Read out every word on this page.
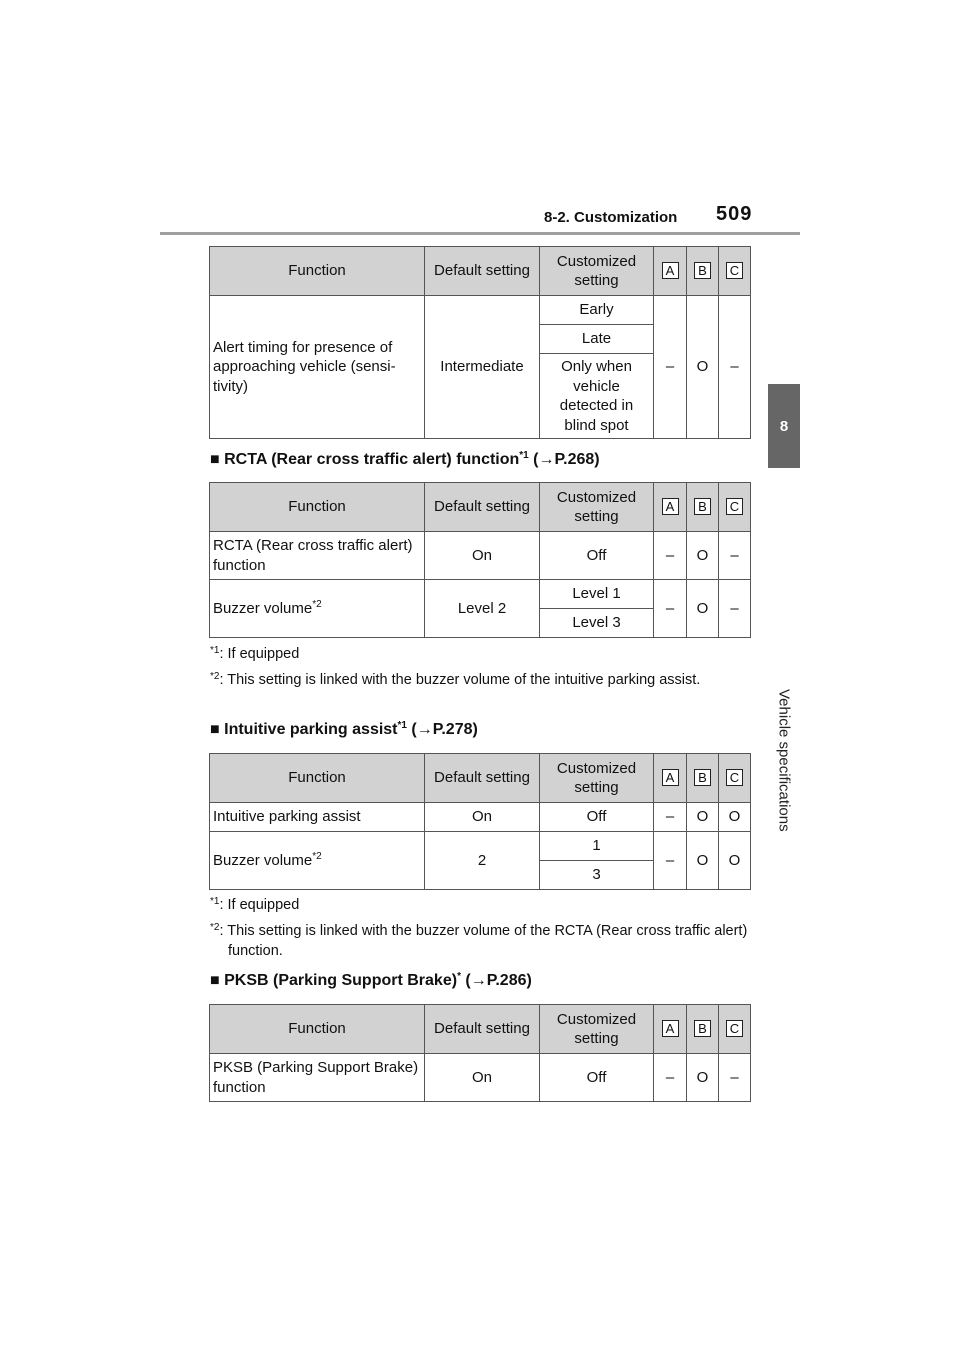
8-2. Customization 509
8
Vehicle specifications
Function	Default setting	Customized setting	A	B	C
Alert timing for presence of approaching vehicle (sensi-tivity)	Intermediate	Early	–	O	–
		Late			
		Only when vehicle detected in blind spot			
■ RCTA (Rear cross traffic alert) function$^{*1}$ (→P.268)
Function	Default setting	Customized setting	A	B	C
RCTA (Rear cross traffic alert) function	On	Off	–	O	–
Buzzer volume$^{*2}$	Level 2	Level 1	–	O	–
		Level 3			
$^{*1}$: If equipped
$^{*2}$: This setting is linked with the buzzer volume of the intuitive parking assist.
■ Intuitive parking assist$^{*1}$ (→P.278)
Function	Default setting	Customized setting	A	B	C
Intuitive parking assist	On	Off	–	O	O
Buzzer volume$^{*2}$	2	1	–	O	O
		3			
$^{*1}$: If equipped
$^{*2}$: This setting is linked with the buzzer volume of the RCTA (Rear cross traffic alert) function.
■ PKSB (Parking Support Brake)* (→P.286)
Function	Default setting	Customized setting	A	B	C
PKSB (Parking Support Brake) function	On	Off	–	O	–
